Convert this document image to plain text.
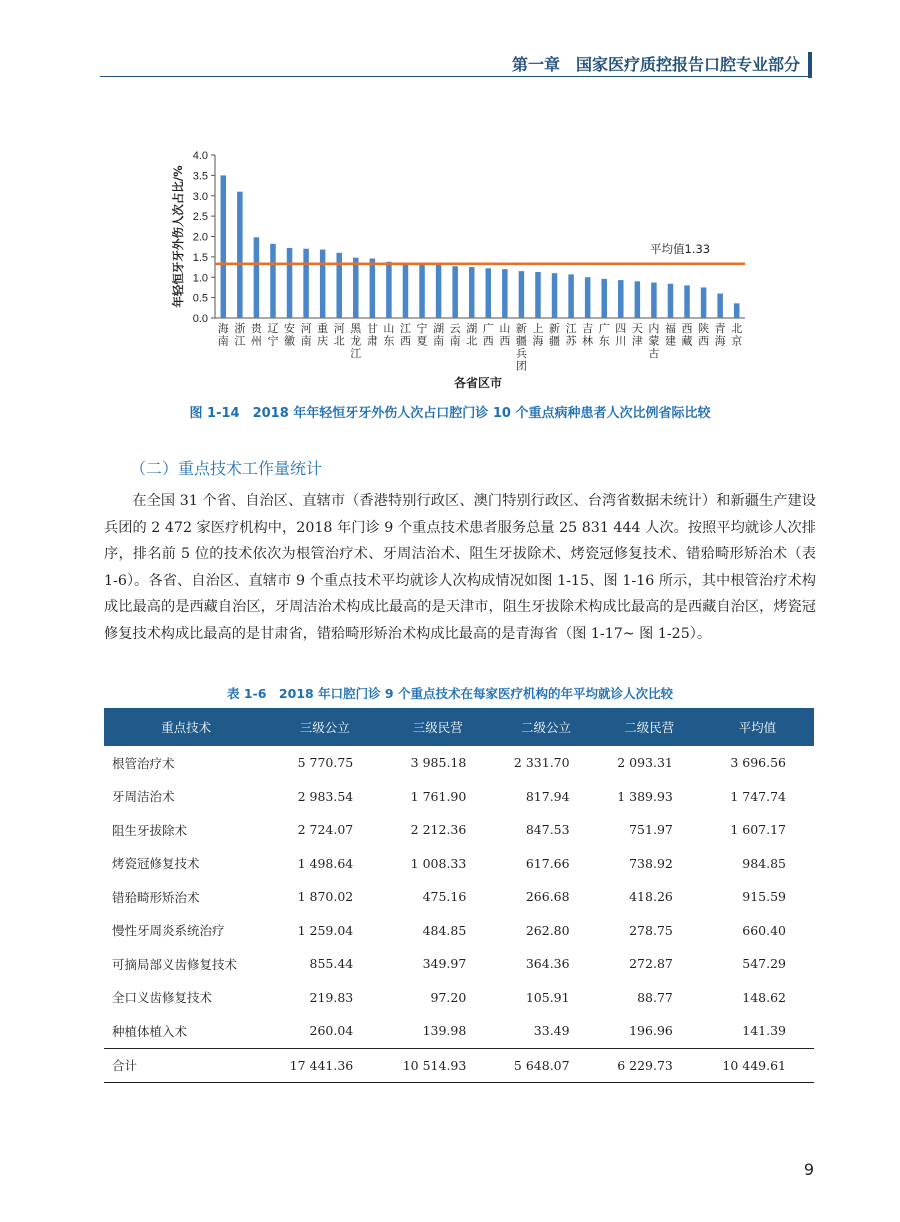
第一章　国家医疗质控报告口腔专业部分
0.0
0.5
1.0
1.5
2.0
2.5
3.0
3.5
4.0
海南
浙江
贵州
辽宁
安徽
河南
重庆
河北
黑龙江
甘肃
山东
江西
宁夏
湖南
云南
湖北
广西
山西
新疆兵团
上海
新疆
江苏
吉林
广东
四川
天津
内蒙古
福建
西藏
陕西
青海
北京
平均值1.33
各省区市
年轻恒牙牙外伤人次占比/%
图 1-14　2018 年年轻恒牙牙外伤人次占口腔门诊 10 个重点病种患者人次比例省际比较
（二）重点技术工作量统计

在全国 31 个省、自治区、直辖市（香港特别行政区、澳门特别行政区、台湾省数据未统计）和新疆生产建设兵团的 2 472 家医疗机构中，2018 年门诊 9 个重点技术患者服务总量 25 831 444 人次。按照平均就诊人次排序，排名前 5 位的技术依次为根管治疗术、牙周洁治术、阻生牙拔除术、烤瓷冠修复技术、错𬌗畸形矫治术（表 1-6）。各省、自治区、直辖市 9 个重点技术平均就诊人次构成情况如图 1-15、图 1-16 所示，其中根管治疗术构成比最高的是西藏自治区，牙周洁治术构成比最高的是天津市，阻生牙拔除术构成比最高的是西藏自治区，烤瓷冠修复技术构成比最高的是甘肃省，错𬌗畸形矫治术构成比最高的是青海省（图 1-17~ 图 1-25）。

表 1-6　2018 年口腔门诊 9 个重点技术在每家医疗机构的年平均就诊人次比较
重点技术	三级公立	三级民营	二级公立	二级民营	平均值
根管治疗术	5 770.75	3 985.18	2 331.70	2 093.31	3 696.56
牙周洁治术	2 983.54	1 761.90	817.94	1 389.93	1 747.74
阻生牙拔除术	2 724.07	2 212.36	847.53	751.97	1 607.17
烤瓷冠修复技术	1 498.64	1 008.33	617.66	738.92	984.85
错𬌗畸形矫治术	1 870.02	475.16	266.68	418.26	915.59
慢性牙周炎系统治疗	1 259.04	484.85	262.80	278.75	660.40
可摘局部义齿修复技术	855.44	349.97	364.36	272.87	547.29
全口义齿修复技术	219.83	97.20	105.91	88.77	148.62
种植体植入术	260.04	139.98	33.49	196.96	141.39
合计	17 441.36	10 514.93	5 648.07	6 229.73	10 449.61
9
